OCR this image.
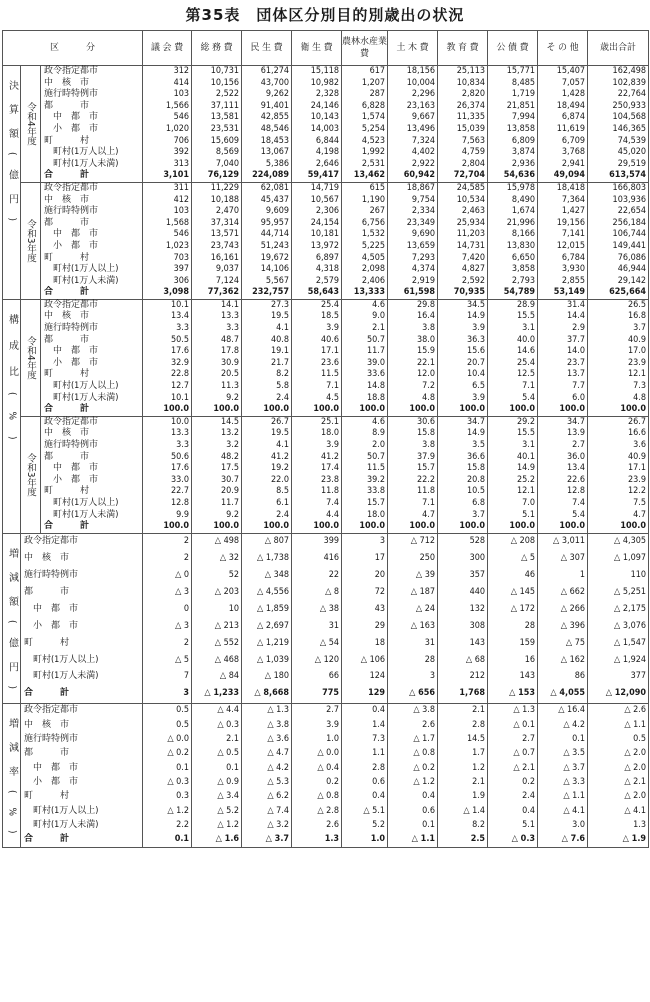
第35表　団体区分別目的別歳出の状況
区　　　分			議 会 費	総 務 費	民 生 費	衛 生 費	農林水産業　　費	土 木 費	教 育 費	公 債 費	そ の 他	歳出合計

決算額(億円)	令和4年度	政令指定都市	312	10,731	61,274	15,118	617	18,156	25,113	15,771	15,407	162,498
		中　核　市	414	10,156	43,700	10,982	1,207	10,004	10,834	8,485	7,057	102,839
		施行時特例市	103	2,522	9,262	2,328	287	2,296	2,820	1,719	1,428	22,764
		都　　　市	1,566	37,111	91,401	24,146	6,828	23,163	26,374	21,851	18,494	250,933
		　中　都　市	546	13,581	42,855	10,143	1,574	9,667	11,335	7,994	6,874	104,568
		　小　都　市	1,020	23,531	48,546	14,003	5,254	13,496	15,039	13,858	11,619	146,365
		町　　　村	706	15,609	18,453	6,844	4,523	7,324	7,563	6,809	6,709	74,539
		　町村(1万人以上)	392	8,569	13,067	4,198	1,992	4,402	4,759	3,874	3,768	45,020
		　町村(1万人未満)	313	7,040	5,386	2,646	2,531	2,922	2,804	2,936	2,941	29,519
		合　　　計	3,101	76,129	224,089	59,417	13,462	60,942	72,704	54,636	49,094	613,574

	令和3年度	政令指定都市	311	11,229	62,081	14,719	615	18,867	24,585	15,978	18,418	166,803
		中　核　市	412	10,188	45,437	10,567	1,190	9,754	10,534	8,490	7,364	103,936
		施行時特例市	103	2,470	9,609	2,306	267	2,334	2,463	1,674	1,427	22,654
		都　　　市	1,568	37,314	95,957	24,154	6,756	23,349	25,934	21,996	19,156	256,184
		　中　都　市	546	13,571	44,714	10,181	1,532	9,690	11,203	8,166	7,141	106,744
		　小　都　市	1,023	23,743	51,243	13,972	5,225	13,659	14,731	13,830	12,015	149,441
		町　　　村	703	16,161	19,672	6,897	4,505	7,293	7,420	6,650	6,784	76,086
		　町村(1万人以上)	397	9,037	14,106	4,318	2,098	4,374	4,827	3,858	3,930	46,944
		　町村(1万人未満)	306	7,124	5,567	2,579	2,406	2,919	2,592	2,793	2,855	29,142
		合　　　計	3,098	77,362	232,757	58,643	13,333	61,598	70,935	54,789	53,149	625,664

構成比(%)	令和4年度	政令指定都市	10.1	14.1	27.3	25.4	4.6	29.8	34.5	28.9	31.4	26.5
		中　核　市	13.4	13.3	19.5	18.5	9.0	16.4	14.9	15.5	14.4	16.8
		施行時特例市	3.3	3.3	4.1	3.9	2.1	3.8	3.9	3.1	2.9	3.7
		都　　　市	50.5	48.7	40.8	40.6	50.7	38.0	36.3	40.0	37.7	40.9
		　中　都　市	17.6	17.8	19.1	17.1	11.7	15.9	15.6	14.6	14.0	17.0
		　小　都　市	32.9	30.9	21.7	23.6	39.0	22.1	20.7	25.4	23.7	23.9
		町　　　村	22.8	20.5	8.2	11.5	33.6	12.0	10.4	12.5	13.7	12.1
		　町村(1万人以上)	12.7	11.3	5.8	7.1	14.8	7.2	6.5	7.1	7.7	7.3
		　町村(1万人未満)	10.1	9.2	2.4	4.5	18.8	4.8	3.9	5.4	6.0	4.8
		合　　　計	100.0	100.0	100.0	100.0	100.0	100.0	100.0	100.0	100.0	100.0

	令和3年度	政令指定都市	10.0	14.5	26.7	25.1	4.6	30.6	34.7	29.2	34.7	26.7
		中　核　市	13.3	13.2	19.5	18.0	8.9	15.8	14.9	15.5	13.9	16.6
		施行時特例市	3.3	3.2	4.1	3.9	2.0	3.8	3.5	3.1	2.7	3.6
		都　　　市	50.6	48.2	41.2	41.2	50.7	37.9	36.6	40.1	36.0	40.9
		　中　都　市	17.6	17.5	19.2	17.4	11.5	15.7	15.8	14.9	13.4	17.1
		　小　都　市	33.0	30.7	22.0	23.8	39.2	22.2	20.8	25.2	22.6	23.9
		町　　　村	22.7	20.9	8.5	11.8	33.8	11.8	10.5	12.1	12.8	12.2
		　町村(1万人以上)	12.8	11.7	6.1	7.4	15.7	7.1	6.8	7.0	7.4	7.5
		　町村(1万人未満)	9.9	9.2	2.4	4.4	18.0	4.7	3.7	5.1	5.4	4.7
		合　　　計	100.0	100.0	100.0	100.0	100.0	100.0	100.0	100.0	100.0	100.0

増減額(億円)	政令指定都市		2	△ 498	△ 807	399	3	△ 712	528	△ 208	△ 3,011	△ 4,305
	中　核　市		2	△ 32	△ 1,738	416	17	250	300	△ 5	△ 307	△ 1,097
	施行時特例市		△ 0	52	△ 348	22	20	△ 39	357	46	1	110
	都　　　市		△ 3	△ 203	△ 4,556	△ 8	72	△ 187	440	△ 145	△ 662	△ 5,251
	　中　都　市		0	10	△ 1,859	△ 38	43	△ 24	132	△ 172	△ 266	△ 2,175
	　小　都　市		△ 3	△ 213	△ 2,697	31	29	△ 163	308	28	△ 396	△ 3,076
	町　　　村		2	△ 552	△ 1,219	△ 54	18	31	143	159	△ 75	△ 1,547
	　町村(1万人以上)		△ 5	△ 468	△ 1,039	△ 120	△ 106	28	△ 68	16	△ 162	△ 1,924
	　町村(1万人未満)		7	△ 84	△ 180	66	124	3	212	143	86	377
	合　　　計		3	△ 1,233	△ 8,668	775	129	△ 656	1,768	△ 153	△ 4,055	△ 12,090

増減率(%)	政令指定都市		0.5	△ 4.4	△ 1.3	2.7	0.4	△ 3.8	2.1	△ 1.3	△ 16.4	△ 2.6
	中　核　市		0.5	△ 0.3	△ 3.8	3.9	1.4	2.6	2.8	△ 0.1	△ 4.2	△ 1.1
	施行時特例市		△ 0.0	2.1	△ 3.6	1.0	7.3	△ 1.7	14.5	2.7	0.1	0.5
	都　　　市		△ 0.2	△ 0.5	△ 4.7	△ 0.0	1.1	△ 0.8	1.7	△ 0.7	△ 3.5	△ 2.0
	　中　都　市		0.1	0.1	△ 4.2	△ 0.4	2.8	△ 0.2	1.2	△ 2.1	△ 3.7	△ 2.0
	　小　都　市		△ 0.3	△ 0.9	△ 5.3	0.2	0.6	△ 1.2	2.1	0.2	△ 3.3	△ 2.1
	町　　　村		0.3	△ 3.4	△ 6.2	△ 0.8	0.4	0.4	1.9	2.4	△ 1.1	△ 2.0
	　町村(1万人以上)		△ 1.2	△ 5.2	△ 7.4	△ 2.8	△ 5.1	0.6	△ 1.4	0.4	△ 4.1	△ 4.1
	　町村(1万人未満)		2.2	△ 1.2	△ 3.2	2.6	5.2	0.1	8.2	5.1	3.0	1.3
	合　　　計		0.1	△ 1.6	△ 3.7	1.3	1.0	△ 1.1	2.5	△ 0.3	△ 7.6	△ 1.9
